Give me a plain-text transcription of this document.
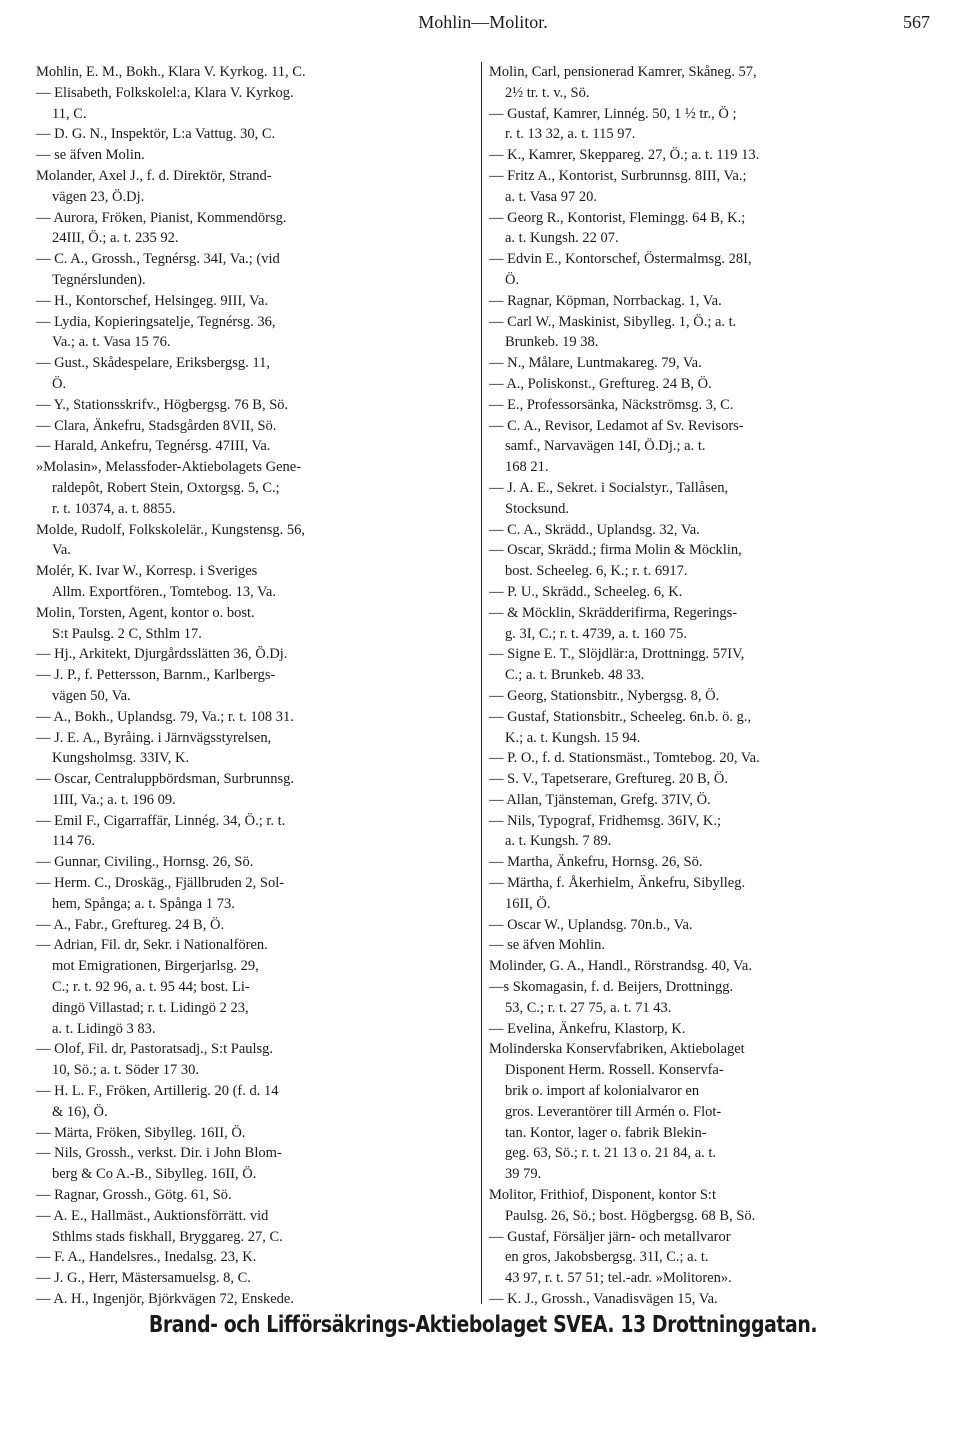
Mohlin—Molitor.	567
Mohlin, E. M., Bokh., Klara V. Kyrkog. 11, C.
— Elisabeth, Folkskolel:a, Klara V. Kyrkog.
11, C.
— D. G. N., Inspektör, L:a Vattug. 30, C.
— se äfven Molin.
Molander, Axel J., f. d. Direktör, Strand-
vägen 23, Ö.Dj.
— Aurora, Fröken, Pianist, Kommendörsg.
24III, Ö.; a. t. 235 92.
— C. A., Grossh., Tegnérsg. 34I, Va.; (vid
Tegnérslunden).
— H., Kontorschef, Helsingeg. 9III, Va.
— Lydia, Kopieringsatelje, Tegnérsg. 36,
Va.; a. t. Vasa 15 76.
— Gust., Skådespelare, Eriksbergsg. 11,
Ö.
— Y., Stationsskrifv., Högbergsg. 76 B, Sö.
— Clara, Änkefru, Stadsgården 8VII, Sö.
— Harald, Ankefru, Tegnérsg. 47III, Va.
»Molasin», Melassfoder-Aktiebolagets Gene-
raldepôt, Robert Stein, Oxtorgsg. 5, C.;
r. t. 10374, a. t. 8855.
Molde, Rudolf, Folkskolelär., Kungstensg. 56,
Va.
Molér, K. Ivar W., Korresp. i Sveriges
Allm. Exportfören., Tomtebog. 13, Va.
Molin, Torsten, Agent, kontor o. bost.
S:t Paulsg. 2 C, Sthlm 17.
— Hj., Arkitekt, Djurgårdsslätten 36, Ö.Dj.
— J. P., f. Pettersson, Barnm., Karlbergs-
vägen 50, Va.
— A., Bokh., Uplandsg. 79, Va.; r. t. 108 31.
— J. E. A., Byråing. i Järnvägsstyrelsen,
Kungsholmsg. 33IV, K.
— Oscar, Centraluppbördsman, Surbrunnsg.
1III, Va.; a. t. 196 09.
— Emil F., Cigarraffär, Linnég. 34, Ö.; r. t.
114 76.
— Gunnar, Civiling., Hornsg. 26, Sö.
— Herm. C., Droskäg., Fjällbruden 2, Sol-
hem, Spånga; a. t. Spånga 1 73.
— A., Fabr., Greftureg. 24 B, Ö.
— Adrian, Fil. dr, Sekr. i Nationalfören.
mot Emigrationen, Birgerjarlsg. 29,
C.; r. t. 92 96, a. t. 95 44; bost. Li-
dingö Villastad; r. t. Lidingö 2 23,
a. t. Lidingö 3 83.
— Olof, Fil. dr, Pastoratsadj., S:t Paulsg.
10, Sö.; a. t. Söder 17 30.
— H. L. F., Fröken, Artillerig. 20 (f. d. 14
& 16), Ö.
— Märta, Fröken, Sibylleg. 16II, Ö.
— Nils, Grossh., verkst. Dir. i John Blom-
berg & Co A.-B., Sibylleg. 16II, Ö.
— Ragnar, Grossh., Götg. 61, Sö.
— A. E., Hallmäst., Auktionsförrätt. vid
Sthlms stads fiskhall, Bryggareg. 27, C.
— F. A., Handelsres., Inedalsg. 23, K.
— J. G., Herr, Mästersamuelsg. 8, C.
— A. H., Ingenjör, Björkvägen 72, Enskede.
Molin, Carl, pensionerad Kamrer, Skåneg. 57,
2½ tr. t. v., Sö.
— Gustaf, Kamrer, Linnég. 50, 1 ½ tr., Ö ;
r. t. 13 32, a. t. 115 97.
— K., Kamrer, Skeppareg. 27, Ö.; a. t. 119 13.
— Fritz A., Kontorist, Surbrunnsg. 8III, Va.;
a. t. Vasa 97 20.
— Georg R., Kontorist, Flemingg. 64 B, K.;
a. t. Kungsh. 22 07.
— Edvin E., Kontorschef, Östermalmsg. 28I,
Ö.
— Ragnar, Köpman, Norrbackag. 1, Va.
— Carl W., Maskinist, Sibylleg. 1, Ö.; a. t.
Brunkeb. 19 38.
— N., Målare, Luntmakareg. 79, Va.
— A., Poliskonst., Greftureg. 24 B, Ö.
— E., Professorsänka, Näckströmsg. 3, C.
— C. A., Revisor, Ledamot af Sv. Revisors-
samf., Narvavägen 14I, Ö.Dj.; a. t.
168 21.
— J. A. E., Sekret. i Socialstyr., Tallåsen,
Stocksund.
— C. A., Skrädd., Uplandsg. 32, Va.
— Oscar, Skrädd.; firma Molin & Möcklin,
bost. Scheeleg. 6, K.; r. t. 6917.
— P. U., Skrädd., Scheeleg. 6, K.
— & Möcklin, Skrädderifirma, Regerings-
g. 3I, C.; r. t. 4739, a. t. 160 75.
— Signe E. T., Slöjdlär:a, Drottningg. 57IV,
C.; a. t. Brunkeb. 48 33.
— Georg, Stationsbitr., Nybergsg. 8, Ö.
— Gustaf, Stationsbitr., Scheeleg. 6n.b. ö. g.,
K.; a. t. Kungsh. 15 94.
— P. O., f. d. Stationsmäst., Tomtebog. 20, Va.
— S. V., Tapetserare, Greftureg. 20 B, Ö.
— Allan, Tjänsteman, Grefg. 37IV, Ö.
— Nils, Typograf, Fridhemsg. 36IV, K.;
a. t. Kungsh. 7 89.
— Martha, Änkefru, Hornsg. 26, Sö.
— Märtha, f. Åkerhielm, Änkefru, Sibylleg.
16II, Ö.
— Oscar W., Uplandsg. 70n.b., Va.
— se äfven Mohlin.
Molinder, G. A., Handl., Rörstrandsg. 40, Va.
—s Skomagasin, f. d. Beijers, Drottningg.
53, C.; r. t. 27 75, a. t. 71 43.
— Evelina, Änkefru, Klastorp, K.
Molinderska Konservfabriken, Aktiebolaget
Disponent Herm. Rossell. Konservfa-
brik o. import af kolonialvaror en
gros. Leverantörer till Armén o. Flot-
tan. Kontor, lager o. fabrik Blekin-
geg. 63, Sö.; r. t. 21 13 o. 21 84, a. t.
39 79.
Molitor, Frithiof, Disponent, kontor S:t
Paulsg. 26, Sö.; bost. Högbergsg. 68 B, Sö.
— Gustaf, Försäljer järn- och metallvaror
en gros, Jakobsbergsg. 31I, C.; a. t.
43 97, r. t. 57 51; tel.-adr. »Molitoren».
— K. J., Grossh., Vanadisvägen 15, Va.
Brand- och Lifförsäkrings-Aktiebolaget SVEA. 13 Drottninggatan.
